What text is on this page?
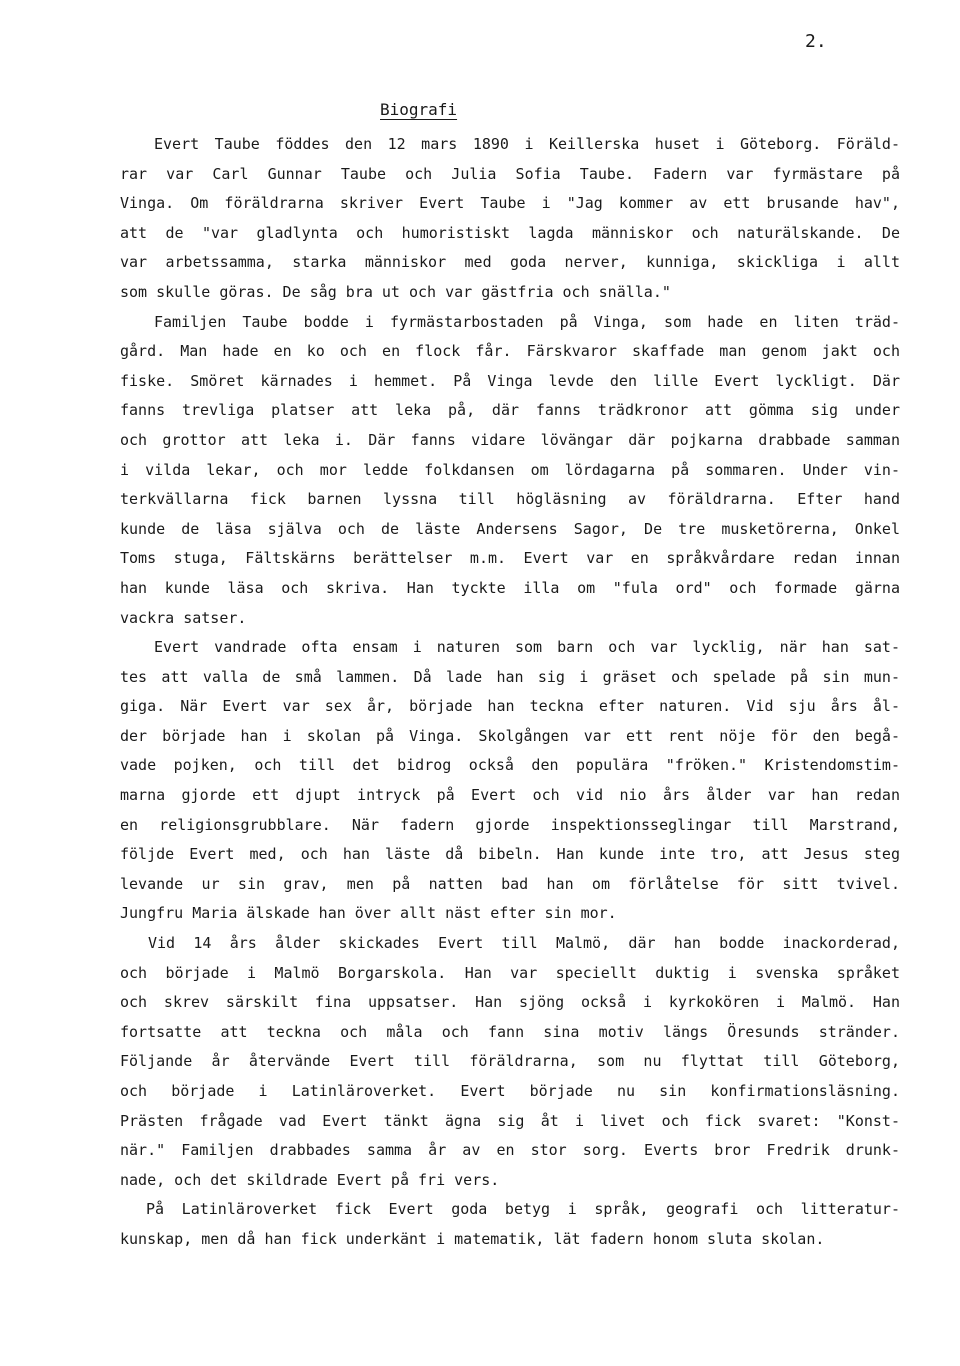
2.
Biografi
Evert Taube föddes den 12 mars 1890 i Keillerska huset i Göteborg. Föräld-
rar var Carl Gunnar Taube och Julia Sofia Taube. Fadern var fyrmästare på
Vinga. Om föräldrarna skriver Evert Taube i "Jag kommer av ett brusande hav",
att de "var gladlynta och humoristiskt lagda människor och naturälskande. De
var arbetssamma, starka människor med goda nerver, kunniga, skickliga i allt
som skulle göras. De såg bra ut och var gästfria och snälla."
Familjen Taube bodde i fyrmästarbostaden på Vinga, som hade en liten träd-
gård. Man hade en ko och en flock får. Färskvaror skaffade man genom jakt och
fiske. Smöret kärnades i hemmet. På Vinga levde den lille Evert lyckligt. Där
fanns trevliga platser att leka på, där fanns trädkronor att gömma sig under
och grottor att leka i. Där fanns vidare lövängar där pojkarna drabbade samman
i vilda lekar, och mor ledde folkdansen om lördagarna på sommaren. Under vin-
terkvällarna fick barnen lyssna till högläsning av föräldrarna. Efter hand
kunde de läsa själva och de läste Andersens Sagor, De tre musketörerna, Onkel
Toms stuga, Fältskärns berättelser m.m. Evert var en språkvårdare redan innan
han kunde läsa och skriva. Han tyckte illa om "fula ord" och formade gärna
vackra satser.
Evert vandrade ofta ensam i naturen som barn och var lycklig, när han sat-
tes att valla de små lammen. Då lade han sig i gräset och spelade på sin mun-
giga. När Evert var sex år, började han teckna efter naturen. Vid sju års ål-
der började han i skolan på Vinga. Skolgången var ett rent nöje för den begå-
vade pojken, och till det bidrog också den populära "fröken." Kristendomstim-
marna gjorde ett djupt intryck på Evert och vid nio års ålder var han redan
en religionsgrubblare. När fadern gjorde inspektionsseglingar till Marstrand,
följde Evert med, och han läste då bibeln. Han kunde inte tro, att Jesus steg
levande ur sin grav, men på natten bad han om förlåtelse för sitt tvivel.
Jungfru Maria älskade han över allt näst efter sin mor.
Vid 14 års ålder skickades Evert till Malmö, där han bodde inackorderad,
och började i Malmö Borgarskola. Han var speciellt duktig i svenska språket
och skrev särskilt fina uppsatser. Han sjöng också i kyrkokören i Malmö. Han
fortsatte att teckna och måla och fann sina motiv längs Öresunds stränder.
Följande år återvände Evert till föräldrarna, som nu flyttat till Göteborg,
och började i Latinläroverket. Evert började nu sin konfirmationsläsning.
Prästen frågade vad Evert tänkt ägna sig åt i livet och fick svaret: "Konst-
när." Familjen drabbades samma år av en stor sorg. Everts bror Fredrik drunk-
nade, och det skildrade Evert på fri vers.
På Latinläroverket fick Evert goda betyg i språk, geografi och litteratur-
kunskap, men då han fick underkänt i matematik, lät fadern honom sluta skolan.
